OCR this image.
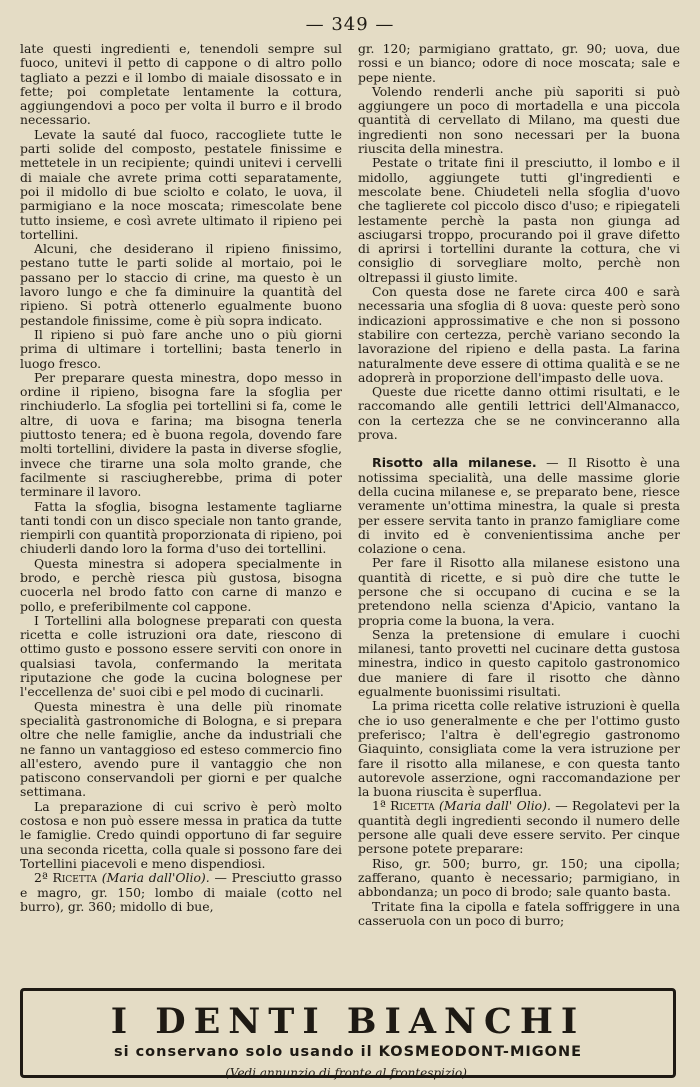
— 349 —

late questi ingredienti e, tenendoli sempre sul fuoco, unitevi il petto di cappone o di altro pollo tagliato a pezzi e il lombo di maiale disossato e in fette; poi completate lentamente la cottura, aggiungendovi a poco per volta il burro e il brodo necessario.

Levate la sauté dal fuoco, raccogliete tutte le parti solide del composto, pestatele finissime e mettetele in un recipiente; quindi unitevi i cervelli di maiale che avrete prima cotti separatamente, poi il midollo di bue sciolto e colato, le uova, il parmigiano e la noce moscata; rimescolate bene tutto insieme, e così avrete ultimato il ripieno pei tortellini.

Alcuni, che desiderano il ripieno finissimo, pestano tutte le parti solide al mortaio, poi le passano per lo staccio di crine, ma questo è un lavoro lungo e che fa diminuire la quantità del ripieno. Si potrà ottenerlo egualmente buono pestandole finissime, come è più sopra indicato.

Il ripieno si può fare anche uno o più giorni prima di ultimare i tortellini; basta tenerlo in luogo fresco.

Per preparare questa minestra, dopo messo in ordine il ripieno, bisogna fare la sfoglia per rinchiuderlo. La sfoglia pei tortellini si fa, come le altre, di uova e farina; ma bisogna tenerla piuttosto tenera; ed è buona regola, dovendo fare molti tortellini, dividere la pasta in diverse sfoglie, invece che tirarne una sola molto grande, che facilmente si rasciugherebbe, prima di poter terminare il lavoro.

Fatta la sfoglia, bisogna lestamente tagliarne tanti tondi con un disco speciale non tanto grande, riempirli con quantità proporzionata di ripieno, poi chiuderli dando loro la forma d'uso dei tortellini.

Questa minestra si adopera specialmente in brodo, e perchè riesca più gustosa, bisogna cuocerla nel brodo fatto con carne di manzo e pollo, e preferibilmente col cappone.

I Tortellini alla bolognese preparati con questa ricetta e colle istruzioni ora date, riescono di ottimo gusto e possono essere serviti con onore in qualsiasi tavola, confermando la meritata riputazione che gode la cucina bolognese per l'eccellenza de' suoi cibi e pel modo di cucinarli.

Questa minestra è una delle più rinomate specialità gastronomiche di Bologna, e si prepara oltre che nelle famiglie, anche da industriali che ne fanno un vantaggioso ed esteso commercio fino all'estero, avendo pure il vantaggio che non patiscono conservandoli per giorni e per qualche settimana.

La preparazione di cui scrivo è però molto costosa e non può essere messa in pratica da tutte le famiglie. Credo quindi opportuno di far seguire una seconda ricetta, colla quale si possono fare dei Tortellini piacevoli e meno dispendiosi.

2ª Ricetta (Maria dall'Olio). — Presciutto grasso e magro, gr. 150; lombo di maiale (cotto nel burro), gr. 360; midollo di bue,

gr. 120; parmigiano grattato, gr. 90; uova, due rossi e un bianco; odore di noce moscata; sale e pepe niente.

Volendo renderli anche più saporiti si può aggiungere un poco di mortadella e una piccola quantità di cervellato di Milano, ma questi due ingredienti non sono necessari per la buona riuscita della minestra.

Pestate o tritate fini il presciutto, il lombo e il midollo, aggiungete tutti gl'ingredienti e mescolate bene. Chiudeteli nella sfoglia d'uovo che taglierete col piccolo disco d'uso; e ripiegateli lestamente perchè la pasta non giunga ad asciugarsi troppo, procurando poi il grave difetto di aprirsi i tortellini durante la cottura, che vi consiglio di sorvegliare molto, perchè non oltrepassi il giusto limite.

Con questa dose ne farete circa 400 e sarà necessaria una sfoglia di 8 uova: queste però sono indicazioni approssimative e che non si possono stabilire con certezza, perchè variano secondo la lavorazione del ripieno e della pasta. La farina naturalmente deve essere di ottima qualità e se ne adoprerà in proporzione dell'impasto delle uova.

Queste due ricette danno ottimi risultati, e le raccomando alle gentili lettrici dell'Almanacco, con la certezza che se ne convinceranno alla prova.

Risotto alla milanese. — Il Risotto è una notissima specialità, una delle massime glorie della cucina milanese e, se preparato bene, riesce veramente un'ottima minestra, la quale si presta per essere servita tanto in pranzo famigliare come di invito ed è convenientissima anche per colazione o cena.

Per fare il Risotto alla milanese esistono una quantità di ricette, e si può dire che tutte le persone che si occupano di cucina e se la pretendono nella scienza d'Apicio, vantano la propria come la buona, la vera.

Senza la pretensione di emulare i cuochi milanesi, tanto provetti nel cucinare detta gustosa minestra, indico in questo capitolo gastronomico due maniere di fare il risotto che dànno egualmente buonissimi risultati.

La prima ricetta colle relative istruzioni è quella che io uso generalmente e che per l'ottimo gusto preferisco; l'altra è dell'egregio gastronomo Giaquinto, consigliata come la vera istruzione per fare il risotto alla milanese, e con questa tanto autorevole asserzione, ogni raccomandazione per la buona riuscita è superflua.

1ª Ricetta (Maria dall' Olio). — Regolatevi per la quantità degli ingredienti secondo il numero delle persone alle quali deve essere servito. Per cinque persone potete preparare:

Riso, gr. 500; burro, gr. 150; una cipolla; zafferano, quanto è necessario; parmigiano, in abbondanza; un poco di brodo; sale quanto basta.

Tritate fina la cipolla e fatela soffriggere in una casseruola con un poco di burro;

I DENTI BIANCHI
si conservano solo usando il KOSMEODONT-MIGONE
(Vedi annunzio di fronte al frontespizio).
